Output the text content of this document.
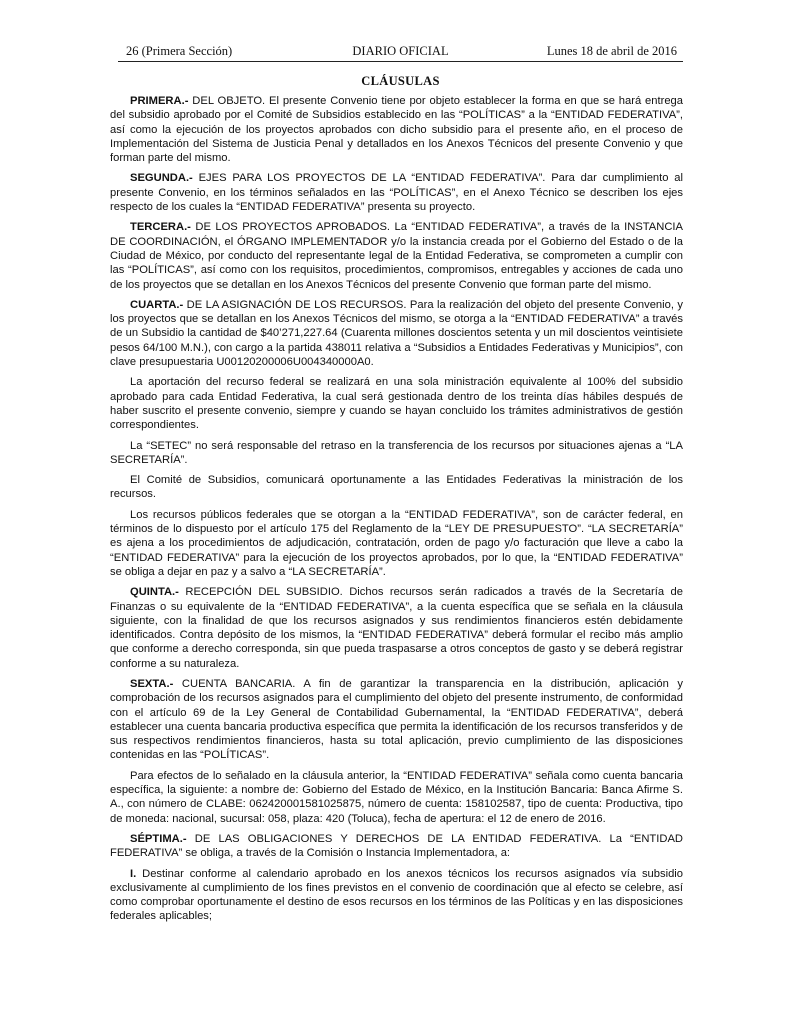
26 (Primera Sección)	DIARIO OFICIAL	Lunes 18 de abril de 2016
CLÁUSULAS

PRIMERA.- DEL OBJETO. El presente Convenio tiene por objeto establecer la forma en que se hará entrega del subsidio aprobado por el Comité de Subsidios establecido en las “POLÍTICAS” a la “ENTIDAD FEDERATIVA”, así como la ejecución de los proyectos aprobados con dicho subsidio para el presente año, en el proceso de Implementación del Sistema de Justicia Penal y detallados en los Anexos Técnicos del presente Convenio y que forman parte del mismo.

SEGUNDA.- EJES PARA LOS PROYECTOS DE LA “ENTIDAD FEDERATIVA”. Para dar cumplimiento al presente Convenio, en los términos señalados en las “POLÍTICAS”, en el Anexo Técnico se describen los ejes respecto de los cuales la “ENTIDAD FEDERATIVA” presenta su proyecto.

TERCERA.- DE LOS PROYECTOS APROBADOS. La “ENTIDAD FEDERATIVA”, a través de la INSTANCIA DE COORDINACIÓN, el ÓRGANO IMPLEMENTADOR y/o la instancia creada por el Gobierno del Estado o de la Ciudad de México, por conducto del representante legal de la Entidad Federativa, se comprometen a cumplir con las “POLÍTICAS”, así como con los requisitos, procedimientos, compromisos, entregables y acciones de cada uno de los proyectos que se detallan en los Anexos Técnicos del presente Convenio que forman parte del mismo.

CUARTA.- DE LA ASIGNACIÓN DE LOS RECURSOS. Para la realización del objeto del presente Convenio, y los proyectos que se detallan en los Anexos Técnicos del mismo, se otorga a la “ENTIDAD FEDERATIVA” a través de un Subsidio la cantidad de $40’271,227.64 (Cuarenta millones doscientos setenta y un mil doscientos veintisiete pesos 64/100 M.N.), con cargo a la partida 438011 relativa a “Subsidios a Entidades Federativas y Municipios”, con clave presupuestaria U00120200006U004340000A0.

La aportación del recurso federal se realizará en una sola ministración equivalente al 100% del subsidio aprobado para cada Entidad Federativa, la cual será gestionada dentro de los treinta días hábiles después de haber suscrito el presente convenio, siempre y cuando se hayan concluido los trámites administrativos de gestión correspondientes.

La “SETEC” no será responsable del retraso en la transferencia de los recursos por situaciones ajenas a “LA SECRETARÍA”.

El Comité de Subsidios, comunicará oportunamente a las Entidades Federativas la ministración de los recursos.

Los recursos públicos federales que se otorgan a la “ENTIDAD FEDERATIVA”, son de carácter federal, en términos de lo dispuesto por el artículo 175 del Reglamento de la “LEY DE PRESUPUESTO”. “LA SECRETARÍA” es ajena a los procedimientos de adjudicación, contratación, orden de pago y/o facturación que lleve a cabo la “ENTIDAD FEDERATIVA” para la ejecución de los proyectos aprobados, por lo que, la “ENTIDAD FEDERATIVA” se obliga a dejar en paz y a salvo a “LA SECRETARÍA”.

QUINTA.- RECEPCIÓN DEL SUBSIDIO. Dichos recursos serán radicados a través de la Secretaría de Finanzas o su equivalente de la “ENTIDAD FEDERATIVA”, a la cuenta específica que se señala en la cláusula siguiente, con la finalidad de que los recursos asignados y sus rendimientos financieros estén debidamente identificados. Contra depósito de los mismos, la “ENTIDAD FEDERATIVA” deberá formular el recibo más amplio que conforme a derecho corresponda, sin que pueda traspasarse a otros conceptos de gasto y se deberá registrar conforme a su naturaleza.

SEXTA.- CUENTA BANCARIA. A fin de garantizar la transparencia en la distribución, aplicación y comprobación de los recursos asignados para el cumplimiento del objeto del presente instrumento, de conformidad con el artículo 69 de la Ley General de Contabilidad Gubernamental, la “ENTIDAD FEDERATIVA”, deberá establecer una cuenta bancaria productiva específica que permita la identificación de los recursos transferidos y de sus respectivos rendimientos financieros, hasta su total aplicación, previo cumplimiento de las disposiciones contenidas en las “POLÍTICAS”.

Para efectos de lo señalado en la cláusula anterior, la “ENTIDAD FEDERATIVA” señala como cuenta bancaria específica, la siguiente: a nombre de: Gobierno del Estado de México, en la Institución Bancaria: Banca Afirme S. A., con número de CLABE: 062420001581025875, número de cuenta: 158102587, tipo de cuenta: Productiva, tipo de moneda: nacional, sucursal: 058, plaza: 420 (Toluca), fecha de apertura: el 12 de enero de 2016.

SÉPTIMA.- DE LAS OBLIGACIONES Y DERECHOS DE LA ENTIDAD FEDERATIVA. La “ENTIDAD FEDERATIVA” se obliga, a través de la Comisión o Instancia Implementadora, a:

I. Destinar conforme al calendario aprobado en los anexos técnicos los recursos asignados vía subsidio exclusivamente al cumplimiento de los fines previstos en el convenio de coordinación que al efecto se celebre, así como comprobar oportunamente el destino de esos recursos en los términos de las Políticas y en las disposiciones federales aplicables;
